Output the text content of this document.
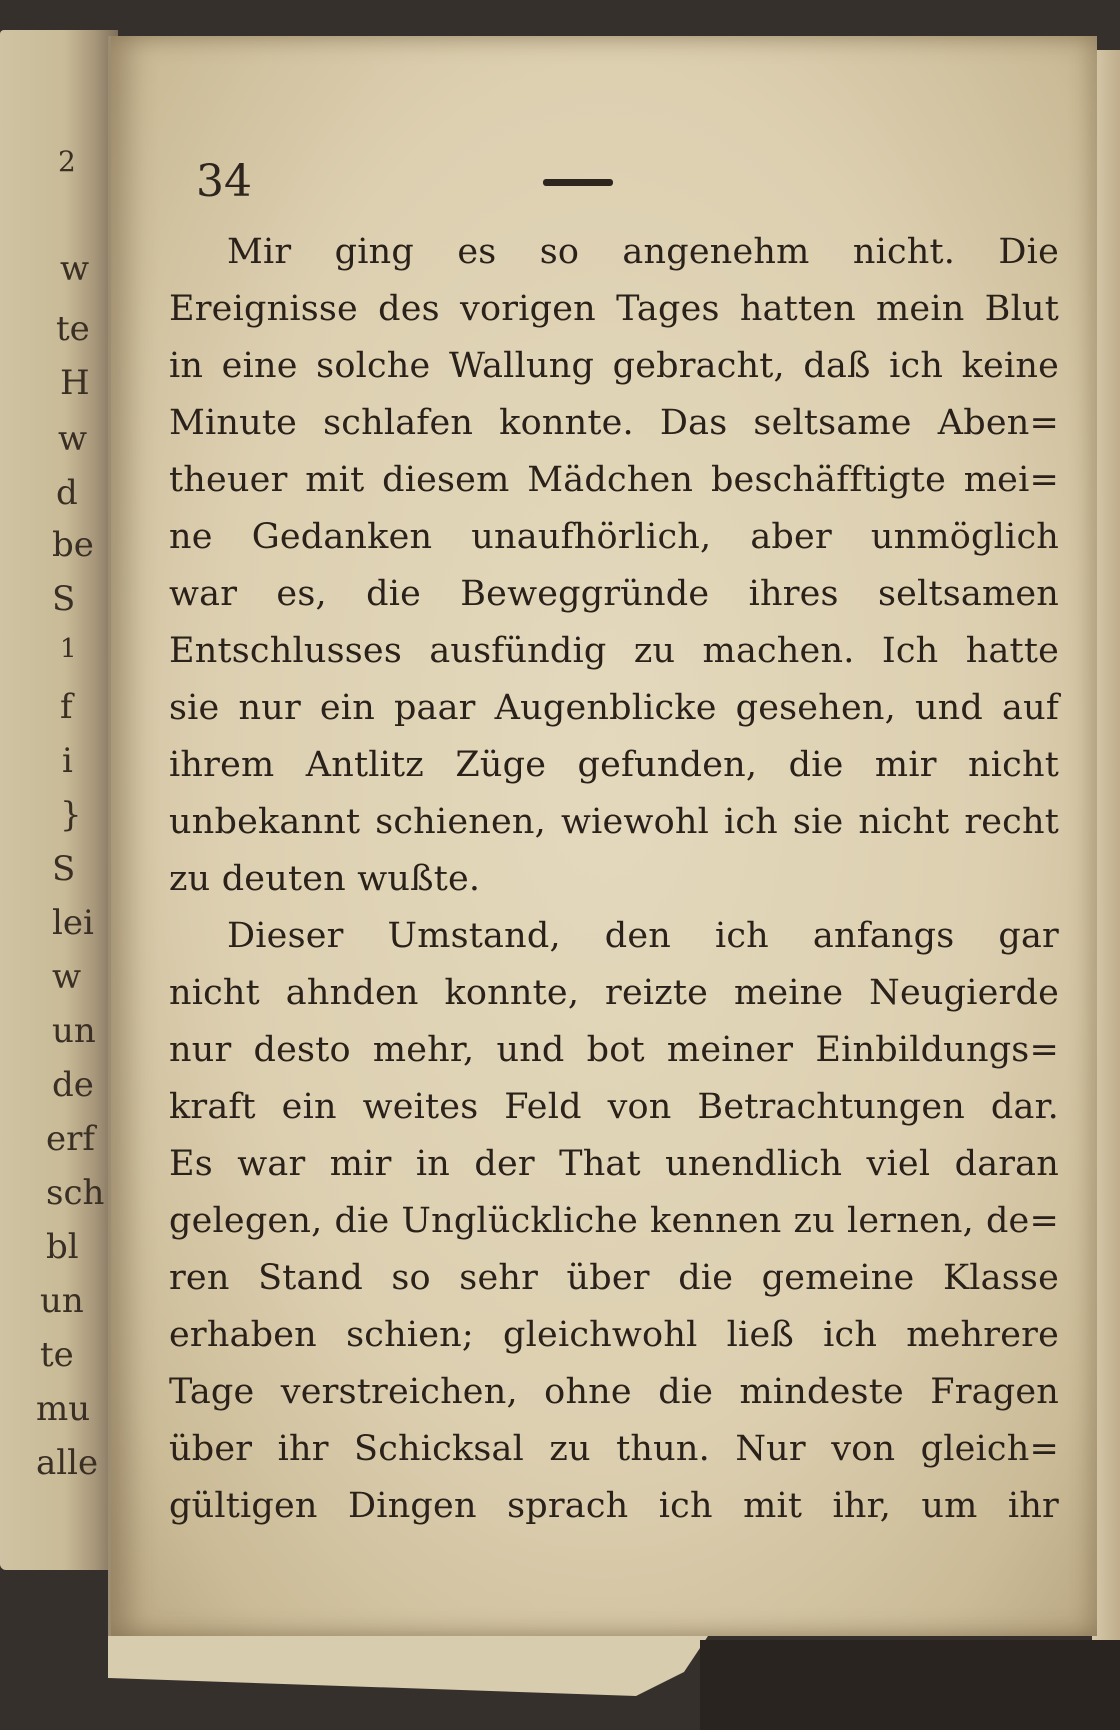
2
w
te
H
w
d
be
S
1
f
i
}
S
lei
w
un
de
erf
sch
bl
un
te
mu
alle
34
Mir ging es so angenehm nicht. Die
Ereignisse des vorigen Tages hatten mein Blut
in eine solche Wallung gebracht, daß ich keine
Minute schlafen konnte. Das seltsame Aben=
theuer mit diesem Mädchen beschäfftigte mei=
ne Gedanken unaufhörlich, aber unmöglich
war es, die Beweggründe ihres seltsamen
Entschlusses ausfündig zu machen. Ich hatte
sie nur ein paar Augenblicke gesehen, und auf
ihrem Antlitz Züge gefunden, die mir nicht
unbekannt schienen, wiewohl ich sie nicht recht
zu deuten wußte.
Dieser Umstand, den ich anfangs gar
nicht ahnden konnte, reizte meine Neugierde
nur desto mehr, und bot meiner Einbildungs=
kraft ein weites Feld von Betrachtungen dar.
Es war mir in der That unendlich viel daran
gelegen, die Unglückliche kennen zu lernen, de=
ren Stand so sehr über die gemeine Klasse
erhaben schien; gleichwohl ließ ich mehrere
Tage verstreichen, ohne die mindeste Fragen
über ihr Schicksal zu thun. Nur von gleich=
gültigen Dingen sprach ich mit ihr, um ihr
